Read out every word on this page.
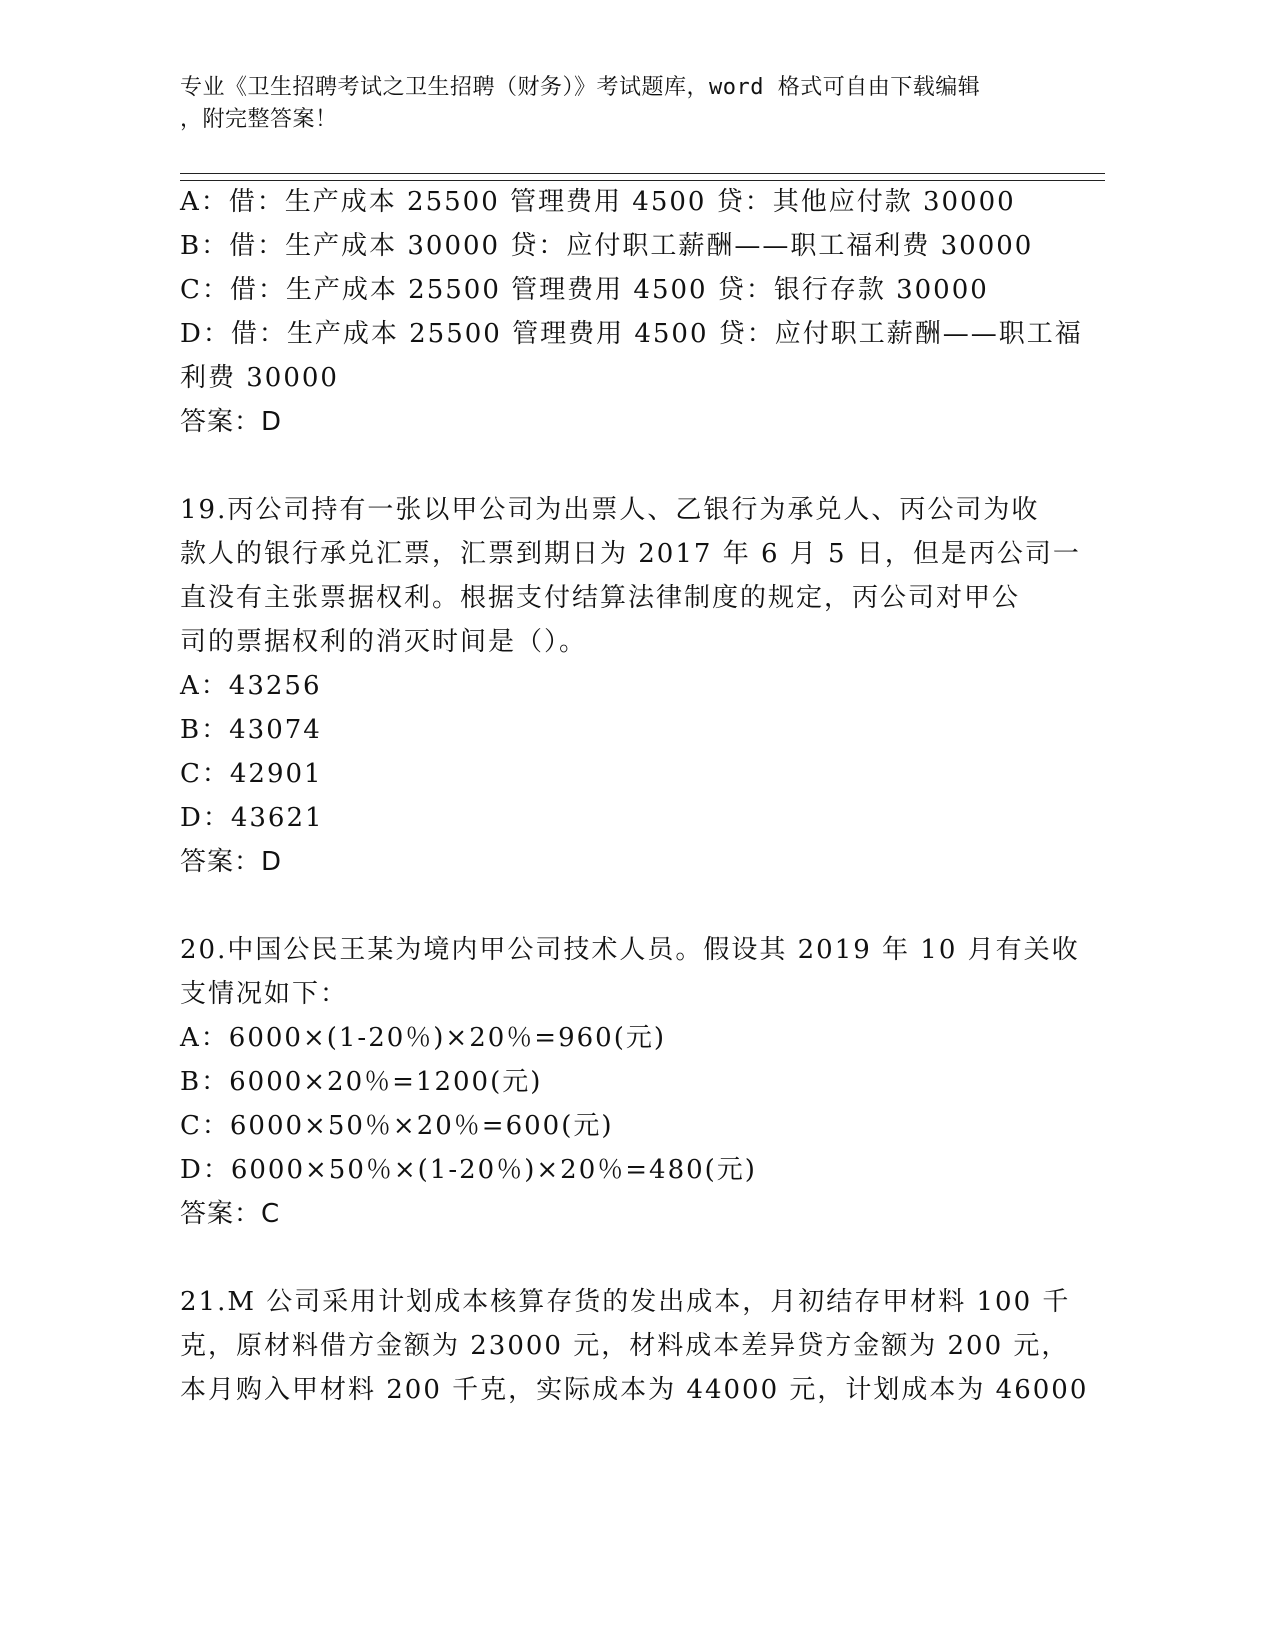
专业《卫生招聘考试之卫生招聘（财务）》考试题库，word 格式可自由下载编辑
，附完整答案！
A：借：生产成本 25500 管理费用 4500 贷：其他应付款 30000
B：借：生产成本 30000 贷：应付职工薪酬——职工福利费 30000
C：借：生产成本 25500 管理费用 4500 贷：银行存款 30000
D：借：生产成本 25500 管理费用 4500 贷：应付职工薪酬——职工福
利费 30000
答案：D
19.丙公司持有一张以甲公司为出票人、乙银行为承兑人、丙公司为收
款人的银行承兑汇票，汇票到期日为 2017 年 6 月 5 日，但是丙公司一
直没有主张票据权利。根据支付结算法律制度的规定，丙公司对甲公
司的票据权利的消灭时间是（）。
A：43256
B：43074
C：42901
D：43621
答案：D
20.中国公民王某为境内甲公司技术人员。假设其 2019 年 10 月有关收
支情况如下：
A：6000×(1-20％)×20％=960(元)
B：6000×20％=1200(元)
C：6000×50％×20％=600(元)
D：6000×50％×(1-20％)×20％=480(元)
答案：C
21.M 公司采用计划成本核算存货的发出成本，月初结存甲材料 100 千
克，原材料借方金额为 23000 元，材料成本差异贷方金额为 200 元，
本月购入甲材料 200 千克，实际成本为 44000 元，计划成本为 46000
